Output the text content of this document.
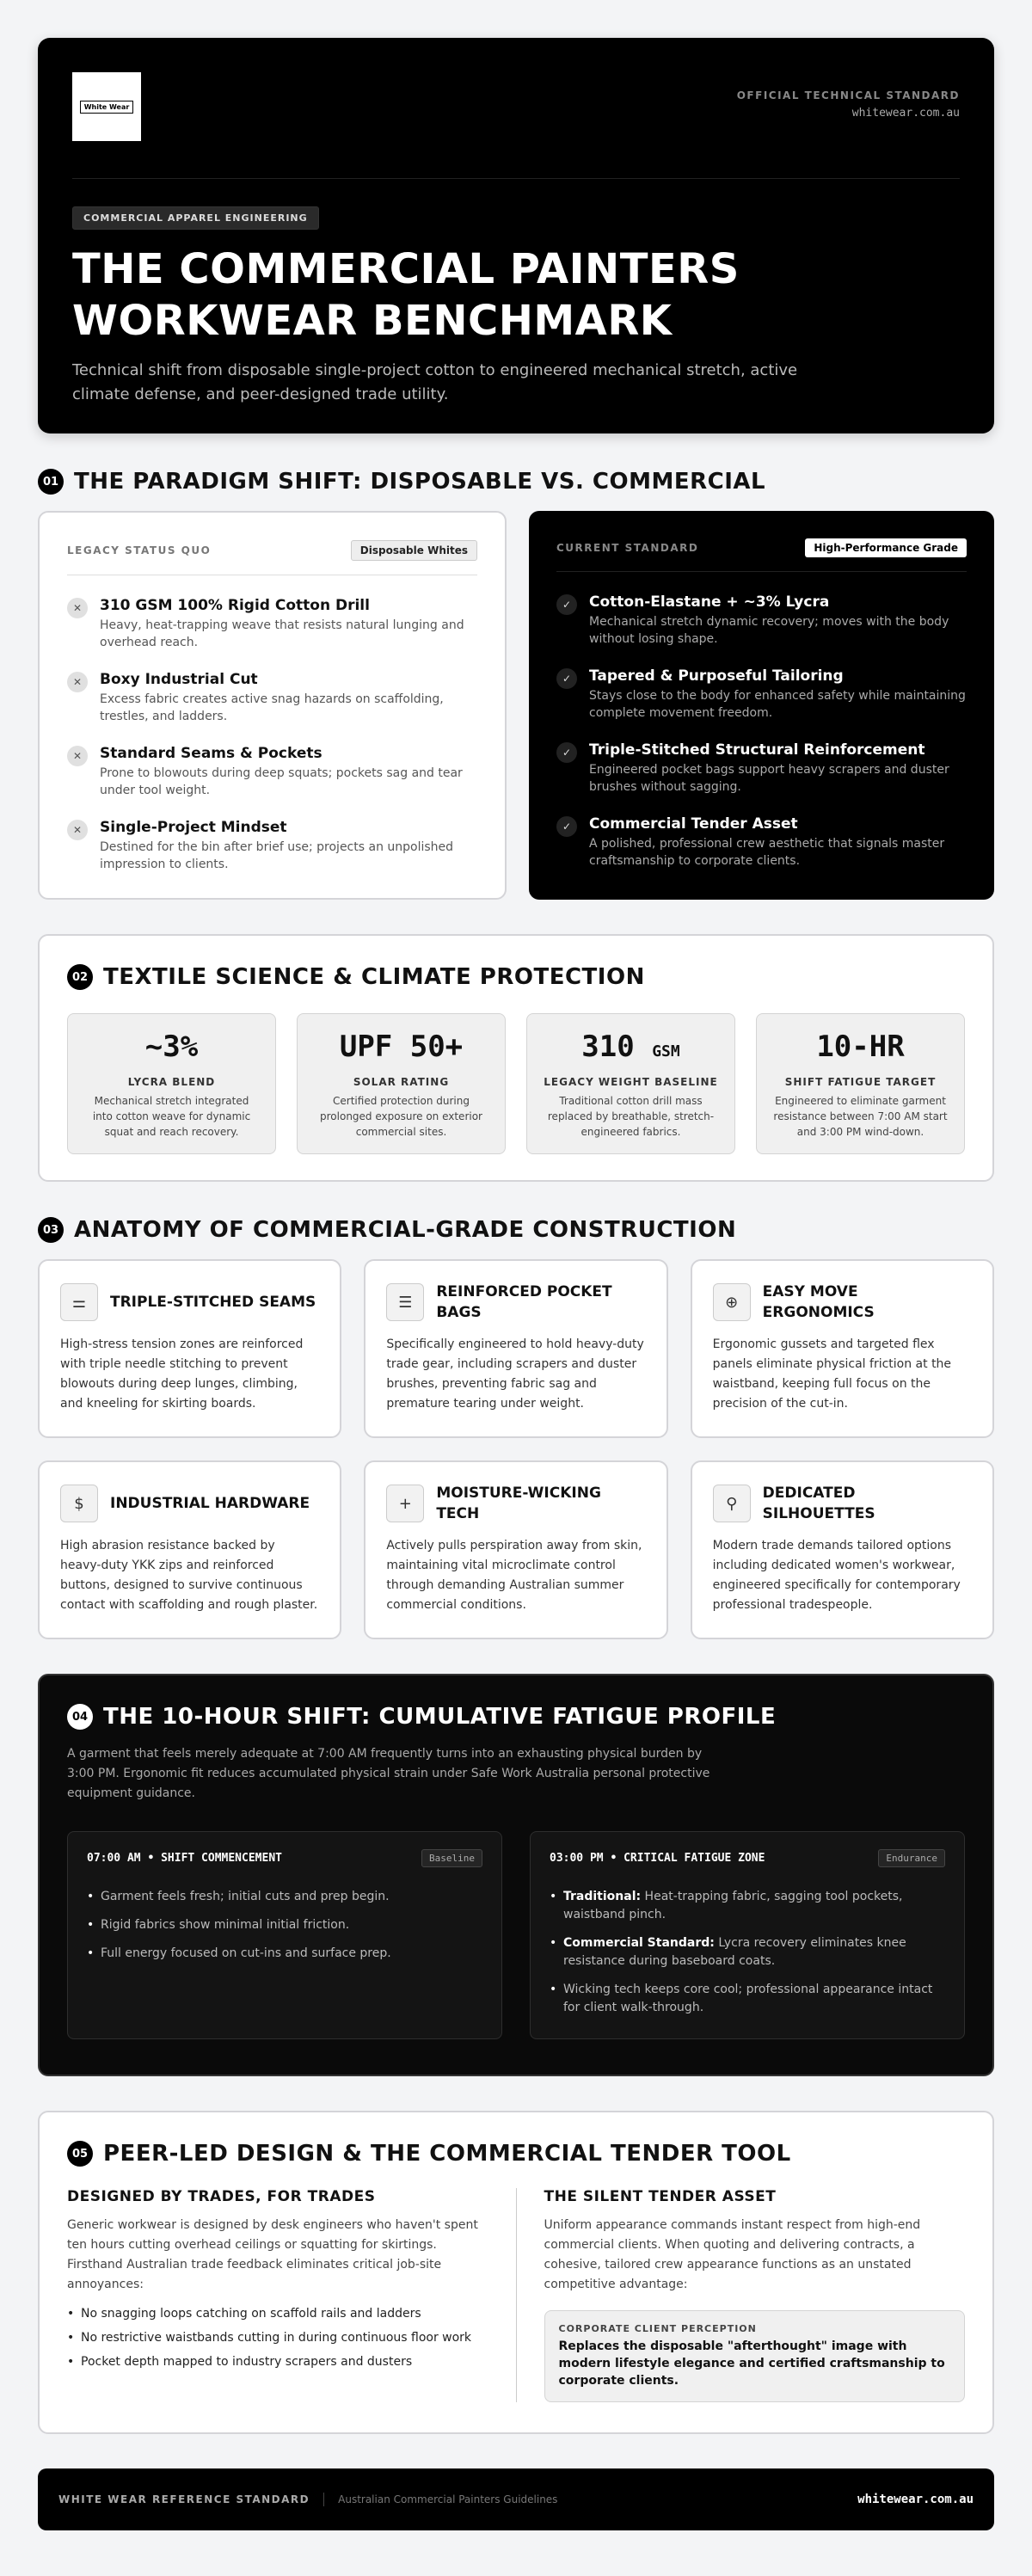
White Wear
OFFICIAL TECHNICAL STANDARD
whitewear.com.au
COMMERCIAL APPAREL ENGINEERING
THE COMMERCIAL PAINTERS
WORKWEAR BENCHMARK

Technical shift from disposable single-project cotton to engineered mechanical stretch, active climate defense, and peer-designed trade utility.

01 THE PARADIGM SHIFT: DISPOSABLE VS. COMMERCIAL
LEGACY STATUS QUO	Disposable Whites
✕	310 GSM 100% Rigid Cotton Drill
Heavy, heat-trapping weave that resists natural lunging and overhead reach.
✕	Boxy Industrial Cut
Excess fabric creates active snag hazards on scaffolding, trestles, and ladders.
✕	Standard Seams & Pockets
Prone to blowouts during deep squats; pockets sag and tear under tool weight.
✕	Single-Project Mindset
Destined for the bin after brief use; projects an unpolished impression to clients.
CURRENT STANDARD	High-Performance Grade
✓	Cotton-Elastane + ~3% Lycra
Mechanical stretch dynamic recovery; moves with the body without losing shape.
✓	Tapered & Purposeful Tailoring
Stays close to the body for enhanced safety while maintaining complete movement freedom.
✓	Triple-Stitched Structural Reinforcement
Engineered pocket bags support heavy scrapers and duster brushes without sagging.
✓	Commercial Tender Asset
A polished, professional crew aesthetic that signals master craftsmanship to corporate clients.
02 TEXTILE SCIENCE & CLIMATE PROTECTION
~3%
LYCRA BLEND
Mechanical stretch integrated into cotton weave for dynamic squat and reach recovery.
UPF 50+
SOLAR RATING
Certified protection during prolonged exposure on exterior commercial sites.
310 GSM
LEGACY WEIGHT BASELINE
Traditional cotton drill mass replaced by breathable, stretch-engineered fabrics.
10-HR
SHIFT FATIGUE TARGET
Engineered to eliminate garment resistance between 7:00 AM start and 3:00 PM wind-down.
03 ANATOMY OF COMMERCIAL-GRADE CONSTRUCTION
⚌	TRIPLE-STITCHED SEAMS

High-stress tension zones are reinforced with triple needle stitching to prevent blowouts during deep lunges, climbing, and kneeling for skirting boards.

☰
REINFORCED POCKET BAGS

Specifically engineered to hold heavy-duty trade gear, including scrapers and duster brushes, preventing fabric sag and premature tearing under weight.

⊕
EASY MOVE ERGONOMICS

Ergonomic gussets and targeted flex panels eliminate physical friction at the waistband, keeping full focus on the precision of the cut-in.

$	INDUSTRIAL HARDWARE

High abrasion resistance backed by heavy-duty YKK zips and reinforced buttons, designed to survive continuous contact with scaffolding and rough plaster.

+
MOISTURE-WICKING TECH

Actively pulls perspiration away from skin, maintaining vital microclimate control through demanding Australian summer commercial conditions.

⚲
DEDICATED SILHOUETTES

Modern trade demands tailored options including dedicated women's workwear, engineered specifically for contemporary professional tradespeople.

04 THE 10-HOUR SHIFT: CUMULATIVE FATIGUE PROFILE

A garment that feels merely adequate at 7:00 AM frequently turns into an exhausting physical burden by 3:00 PM. Ergonomic fit reduces accumulated physical strain under Safe Work Australia personal protective equipment guidance.

07:00 AM • SHIFT COMMENCEMENT	Baseline
• Garment feels fresh; initial cuts and prep begin.
• Rigid fabrics show minimal initial friction.
• Full energy focused on cut-ins and surface prep.
03:00 PM • CRITICAL FATIGUE ZONE	Endurance
• Traditional: Heat-trapping fabric, sagging tool pockets, waistband pinch.
• Commercial Standard: Lycra recovery eliminates knee resistance during baseboard coats.
• Wicking tech keeps core cool; professional appearance intact for client walk-through.
05 PEER-LED DESIGN & THE COMMERCIAL TENDER TOOL
DESIGNED BY TRADES, FOR TRADES

Generic workwear is designed by desk engineers who haven't spent ten hours cutting overhead ceilings or squatting for skirtings. Firsthand Australian trade feedback eliminates critical job-site annoyances:

• No snagging loops catching on scaffold rails and ladders
• No restrictive waistbands cutting in during continuous floor work
• Pocket depth mapped to industry scrapers and dusters
THE SILENT TENDER ASSET

Uniform appearance commands instant respect from high-end commercial clients. When quoting and delivering contracts, a cohesive, tailored crew appearance functions as an unstated competitive advantage:

CORPORATE CLIENT PERCEPTION
Replaces the disposable "afterthought" image with modern lifestyle elegance and certified craftsmanship to corporate clients.
WHITE WEAR REFERENCE STANDARD	Australian Commercial Painters Guidelines	whitewear.com.au
